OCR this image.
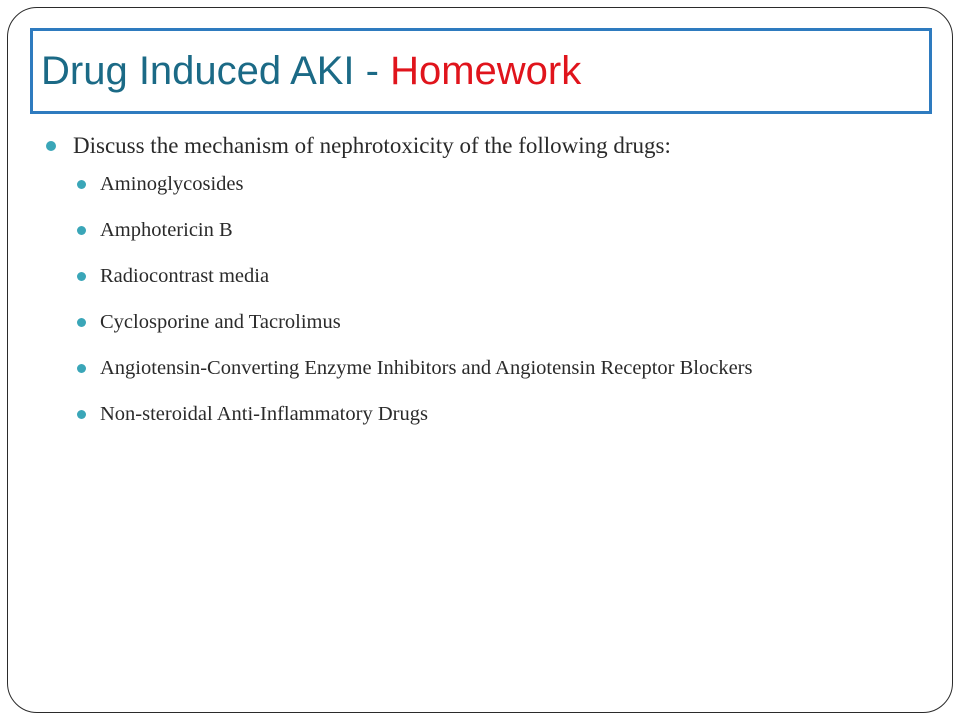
Drug Induced AKI - Homework
Discuss the mechanism of nephrotoxicity of the following drugs:
Aminoglycosides
Amphotericin B
Radiocontrast media
Cyclosporine and Tacrolimus
Angiotensin-Converting Enzyme Inhibitors and Angiotensin Receptor Blockers
Non-steroidal Anti-Inflammatory Drugs
